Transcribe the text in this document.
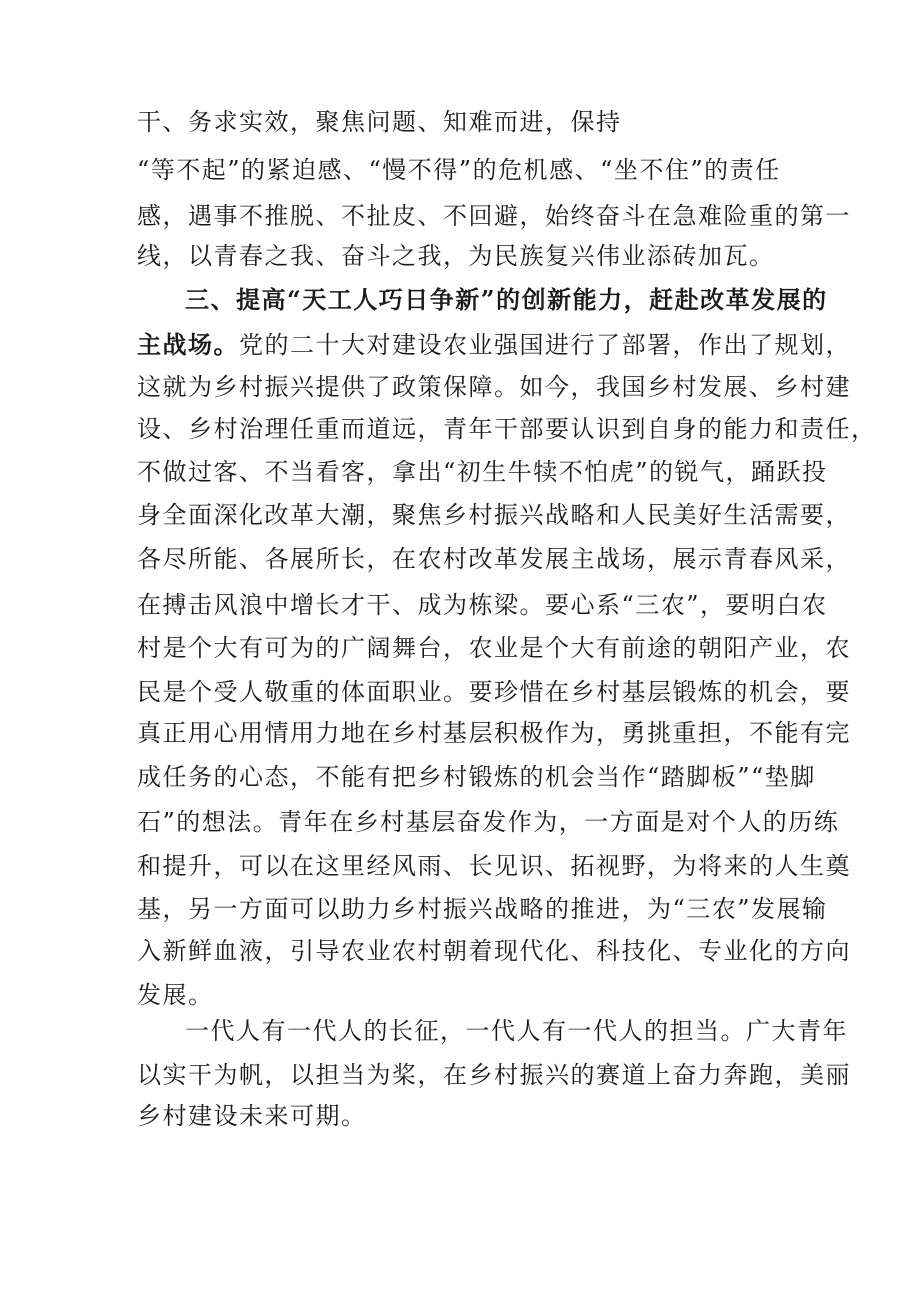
干、务求实效，聚焦问题、知难而进，保持
“等不起”的紧迫感、“慢不得”的危机感、“坐不住”的责任
感，遇事不推脱、不扯皮、不回避，始终奋斗在急难险重的第一
线，以青春之我、奋斗之我，为民族复兴伟业添砖加瓦。
三、提高“天工人巧日争新”的创新能力，赶赴改革发展的
主战场。党的二十大对建设农业强国进行了部署，作出了规划，
这就为乡村振兴提供了政策保障。如今，我国乡村发展、乡村建
设、乡村治理任重而道远，青年干部要认识到自身的能力和责任，
不做过客、不当看客，拿出“初生牛犊不怕虎”的锐气，踊跃投
身全面深化改革大潮，聚焦乡村振兴战略和人民美好生活需要，
各尽所能、各展所长，在农村改革发展主战场，展示青春风采，
在搏击风浪中增长才干、成为栋梁。要心系“三农”，要明白农
村是个大有可为的广阔舞台，农业是个大有前途的朝阳产业，农
民是个受人敬重的体面职业。要珍惜在乡村基层锻炼的机会，要
真正用心用情用力地在乡村基层积极作为，勇挑重担，不能有完
成任务的心态，不能有把乡村锻炼的机会当作“踏脚板”“垫脚
石”的想法。青年在乡村基层奋发作为，一方面是对个人的历练
和提升，可以在这里经风雨、长见识、拓视野，为将来的人生奠
基，另一方面可以助力乡村振兴战略的推进，为“三农”发展输
入新鲜血液，引导农业农村朝着现代化、科技化、专业化的方向
发展。
一代人有一代人的长征，一代人有一代人的担当。广大青年
以实干为帆，以担当为桨，在乡村振兴的赛道上奋力奔跑，美丽
乡村建设未来可期。
